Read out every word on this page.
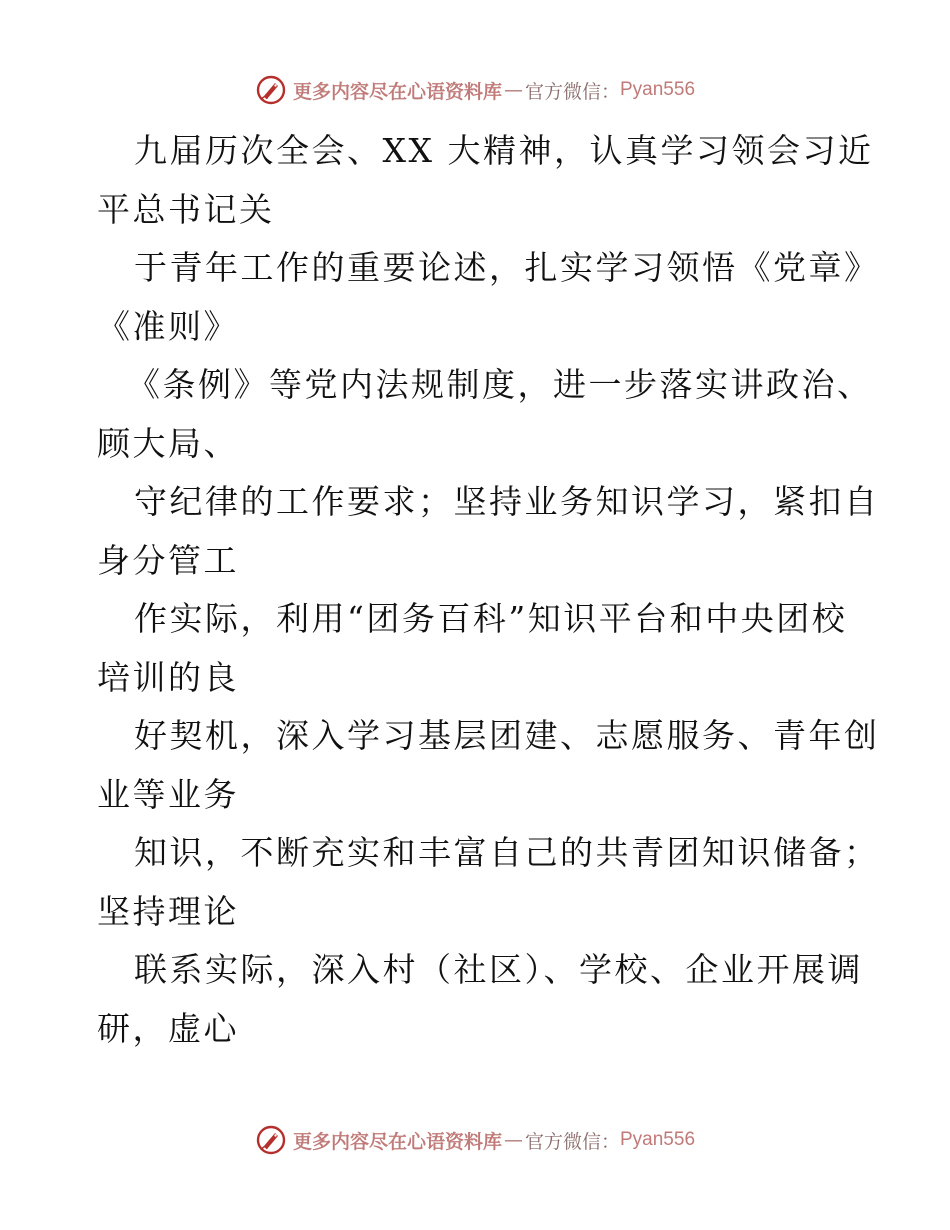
更多内容尽在心语资料库 — 官方微信： Pyan556
九届历次全会、XX 大精神，认真学习领会习近
平总书记关
于青年工作的重要论述，扎实学习领悟《党章》
《准则》
《条例》等党内法规制度，进一步落实讲政治、
顾大局、
守纪律的工作要求；坚持业务知识学习，紧扣自
身分管工
作实际，利用“团务百科”知识平台和中央团校
培训的良
好契机，深入学习基层团建、志愿服务、青年创
业等业务
知识，不断充实和丰富自己的共青团知识储备；
坚持理论
联系实际，深入村（社区）、学校、企业开展调
研，虚心
更多内容尽在心语资料库 — 官方微信： Pyan556
